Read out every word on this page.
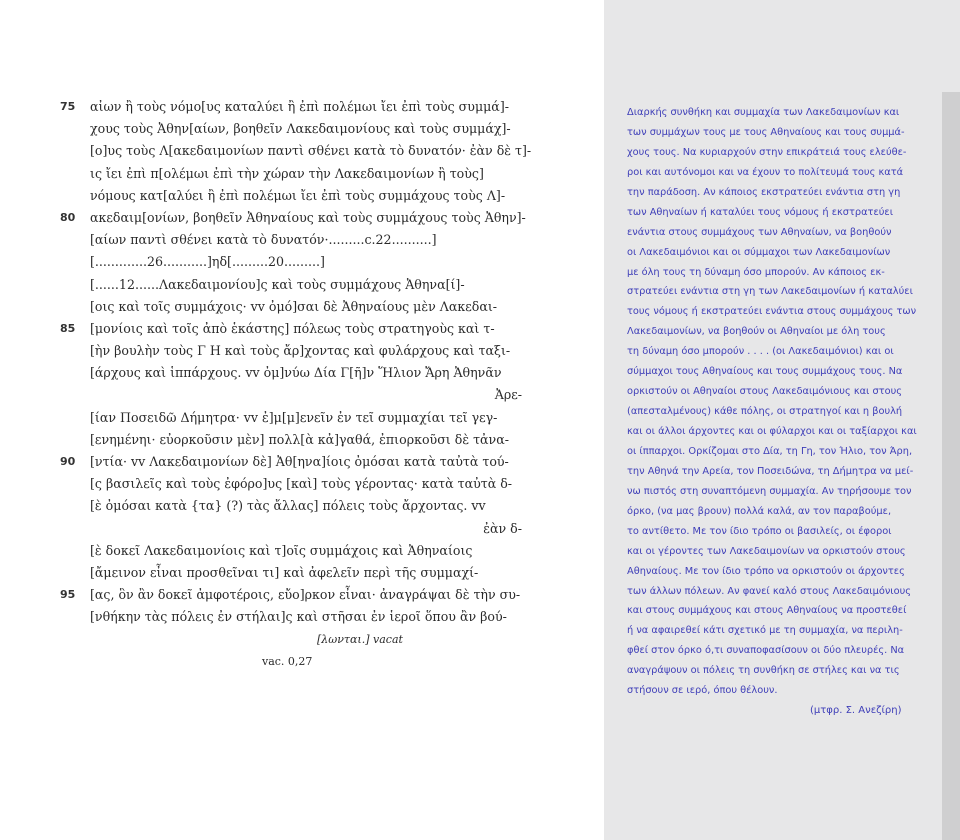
75	αἰων ἢ τοὺς νόμο[υς καταλύει ἢ ἐπὶ πολέμωι ἴει ἐπὶ τοὺς συμμά]-
χους τοὺς Ἀθην[αίων, βοηθεῖν Λακεδαιμονίους καὶ τοὺς συμμάχ]-
[ο]υς τοὺς Λ[ακεδαιμονίων παντὶ σθένει κατὰ τὸ δυνατόν· ἐὰν δὲ τ]-
ις ἴει ἐπὶ π[ολέμωι ἐπὶ τὴν χώραν τὴν Λακεδαιμονίων ἢ τοὺς]
νόμους κατ[αλύει ἢ ἐπὶ πολέμωι ἴει ἐπὶ τοὺς συμμάχους τοὺς Λ]-
80	ακεδαιμ[ονίων, βοηθεῖν Ἀθηναίους καὶ τοὺς συμμάχους τοὺς Ἀθην]-
[αίων παντὶ σθένει κατὰ τὸ δυνατόν·.........c.22..........]
[.............26...........]ηδ[.........20.........]
[......12......Λακεδαιμονίου]ς καὶ τοὺς συμμάχους Ἀθηνα[ί]-
[οις καὶ τοῖς συμμάχοις· vv ὀμό]σαι δὲ Ἀθηναίους μὲν Λακεδαι-
85	[μονίοις καὶ τοῖς ἀπὸ ἑκάστης] πόλεως τοὺς στρατηγοὺς καὶ τ-
[ὴν βουλὴν τοὺς Γ Η καὶ τοὺς ἄρ]χοντας καὶ φυλάρχους καὶ ταξι-
[άρχους καὶ ἱππάρχους. vv ὀμ]νύω Δία Γ[ῆ]ν Ἥλιον Ἄρη Ἀθηνᾶν
Ἀρε-
[ίαν Ποσειδῶ Δήμητρα· vv ἐ]μ[μ]ενεῖν ἐν τεῖ συμμαχίαι τεῖ γεγ-
[ενημένηι· εὐορκοῦσιν μὲν] πολλ[ὰ κἀ]γαθά, ἐπιορκοῦσι δὲ τἀνα-
90	[ντία· vv Λακεδαιμονίων δὲ] Ἀθ[ηνα]ίοις ὀμόσαι κατὰ ταὐτὰ τού-
[ς βασιλεῖς καὶ τοὺς ἐφόρο]υς [καὶ] τοὺς γέροντας· κατὰ ταὐτὰ δ-
[ὲ ὀμόσαι κατὰ {τα} (?) τὰς ἄλλας] πόλεις τοὺς ἄρχοντας. vv
ἐὰν δ-
[ὲ δοκεῖ Λακεδαιμονίοις καὶ τ]οῖς συμμάχοις καὶ Ἀθηναίοις
[ἄμεινον εἶναι προσθεῖναι τι] καὶ ἀφελεῖν περὶ τῆς συμμαχί-
95	[ας, ὃν ἂν δοκεῖ ἀμφοτέροις, εὔο]ρκον εἶναι· ἀναγράψαι δὲ τὴν συ-
[νθήκην τὰς πόλεις ἐν στήλαι]ς καὶ στῆσαι ἐν ἱεροῖ ὅπου ἂν βού-
[λωνται.] vacat
vac. 0,27
Διαρκής συνθήκη και συμμαχία των Λακεδαιμονίων και
των συμμάχων τους με τους Αθηναίους και τους συμμά-
χους τους. Να κυριαρχούν στην επικράτειά τους ελεύθε-
ροι και αυτόνομοι και να έχουν το πολίτευμά τους κατά
την παράδοση. Αν κάποιος εκστρατεύει ενάντια στη γη
των Αθηναίων ή καταλύει τους νόμους ή εκστρατεύει
ενάντια στους συμμάχους των Αθηναίων, να βοηθούν
οι Λακεδαιμόνιοι και οι σύμμαχοι των Λακεδαιμονίων
με όλη τους τη δύναμη όσο μπορούν. Αν κάποιος εκ-
στρατεύει ενάντια στη γη των Λακεδαιμονίων ή καταλύει
τους νόμους ή εκστρατεύει ενάντια στους συμμάχους των
Λακεδαιμονίων, να βοηθούν οι Αθηναίοι με όλη τους
τη δύναμη όσο μπορούν . . . . (οι Λακεδαιμόνιοι) και οι
σύμμαχοι τους Αθηναίους και τους συμμάχους τους. Να
ορκιστούν οι Αθηναίοι στους Λακεδαιμόνιους και στους
(απεσταλμένους) κάθε πόλης, οι στρατηγοί και η βουλή
και οι άλλοι άρχοντες και οι φύλαρχοι και οι ταξίαρχοι και
οι ίππαρχοι. Ορκίζομαι στο Δία, τη Γη, τον Ήλιο, τον Άρη,
την Αθηνά την Αρεία, τον Ποσειδώνα, τη Δήμητρα να μεί-
νω πιστός στη συναπτόμενη συμμαχία. Αν τηρήσουμε τον
όρκο, (να μας βρουν) πολλά καλά, αν τον παραβούμε,
το αντίθετο. Με τον ίδιο τρόπο οι βασιλείς, οι έφοροι
και οι γέροντες των Λακεδαιμονίων να ορκιστούν στους
Αθηναίους. Με τον ίδιο τρόπο να ορκιστούν οι άρχοντες
των άλλων πόλεων. Αν φανεί καλό στους Λακεδαιμόνιους
και στους συμμάχους και στους Αθηναίους να προστεθεί
ή να αφαιρεθεί κάτι σχετικό με τη συμμαχία, να περιλη-
φθεί στον όρκο ό,τι συναποφασίσουν οι δύο πλευρές. Να
αναγράψουν οι πόλεις τη συνθήκη σε στήλες και να τις
στήσουν σε ιερό, όπου θέλουν.
(μτφρ. Σ. Ανεζίρη)
